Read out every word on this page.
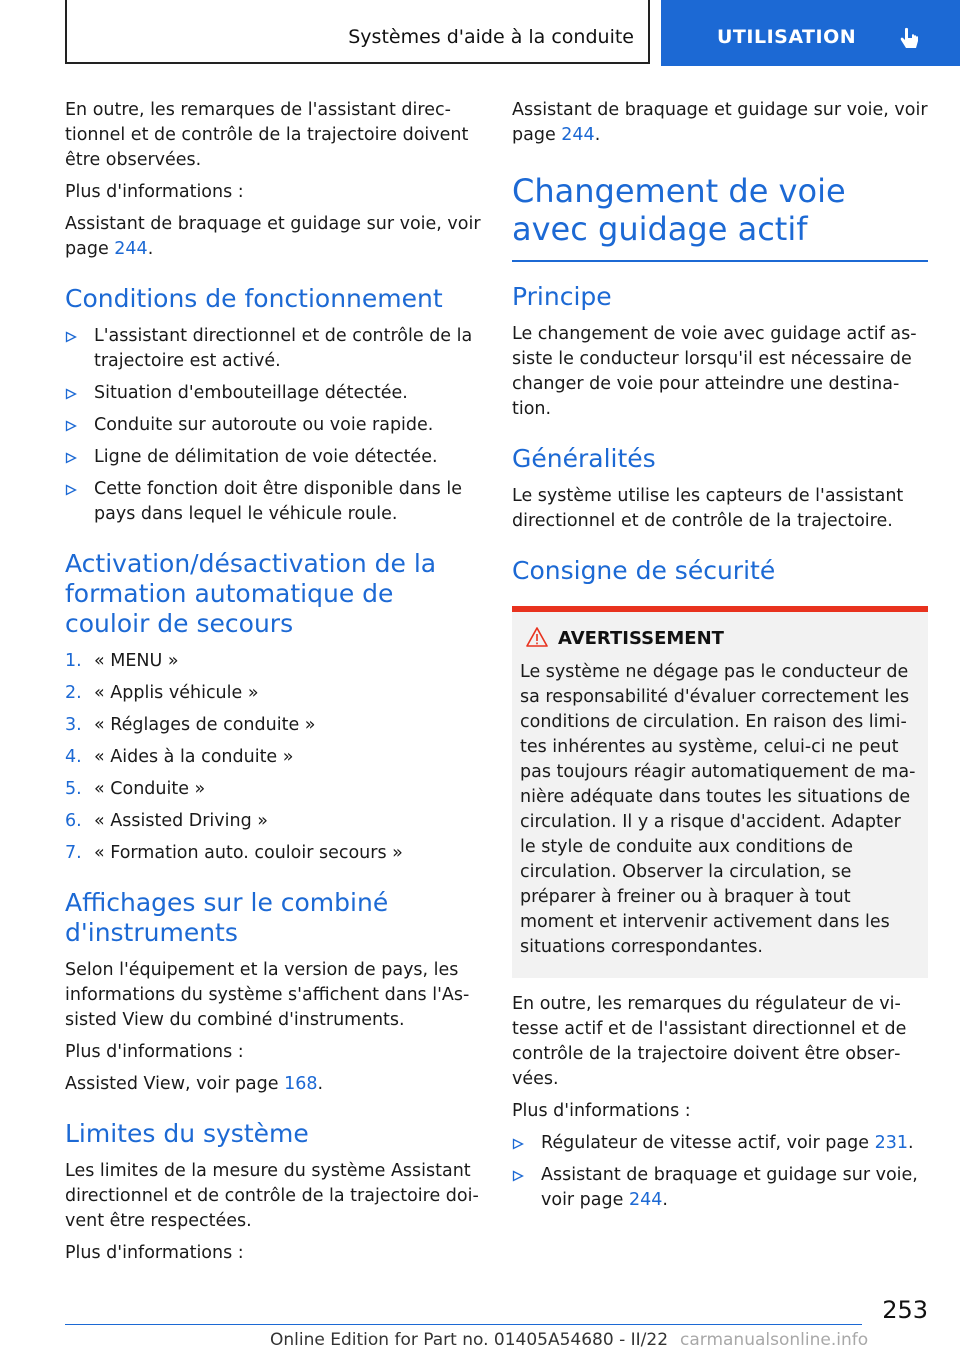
Systèmes d'aide à la conduite	UTILISATION

En outre, les remarques de l'assistant directionnel et de contrôle de la trajectoire doivent être observées.

Plus d'informations :

Assistant de braquage et guidage sur voie, voir page 244.

Conditions de fonctionnement
L'assistant directionnel et de contrôle de la trajectoire est activé.
Situation d'embouteillage détectée.
Conduite sur autoroute ou voie rapide.
Ligne de délimitation de voie détectée.
Cette fonction doit être disponible dans le pays dans lequel le véhicule roule.
Activation/désactivation de la formation automatique de couloir de secours
1. « MENU »
2. « Applis véhicule »
3. « Réglages de conduite »
4. « Aides à la conduite »
5. « Conduite »
6. « Assisted Driving »
7. « Formation auto. couloir secours »
Affichages sur le combiné d'instruments

Selon l'équipement et la version de pays, les informations du système s'affichent dans l'Assisted View du combiné d'instruments.

Plus d'informations :

Assisted View, voir page 168.

Limites du système

Les limites de la mesure du système Assistant directionnel et de contrôle de la trajectoire doivent être respectées.

Plus d'informations :

Assistant de braquage et guidage sur voie, voir page 244.

Changement de voie avec guidage actif
Principe

Le changement de voie avec guidage actif assiste le conducteur lorsqu'il est nécessaire de changer de voie pour atteindre une destination.

Généralités

Le système utilise les capteurs de l'assistant directionnel et de contrôle de la trajectoire.

Consigne de sécurité
AVERTISSEMENT

Le système ne dégage pas le conducteur de sa responsabilité d'évaluer correctement les conditions de circulation. En raison des limites inhérentes au système, celui-ci ne peut pas toujours réagir automatiquement de manière adéquate dans toutes les situations de circulation. Il y a risque d'accident. Adapter le style de conduite aux conditions de circulation. Observer la circulation, se préparer à freiner ou à braquer à tout moment et intervenir activement dans les situations correspondantes.

En outre, les remarques du régulateur de vitesse actif et de l'assistant directionnel et de contrôle de la trajectoire doivent être observées.

Plus d'informations :

Régulateur de vitesse actif, voir page 231.
Assistant de braquage et guidage sur voie, voir page 244.
253
Online Edition for Part no. 01405A54680 - II/22 carmanualsonline.info
